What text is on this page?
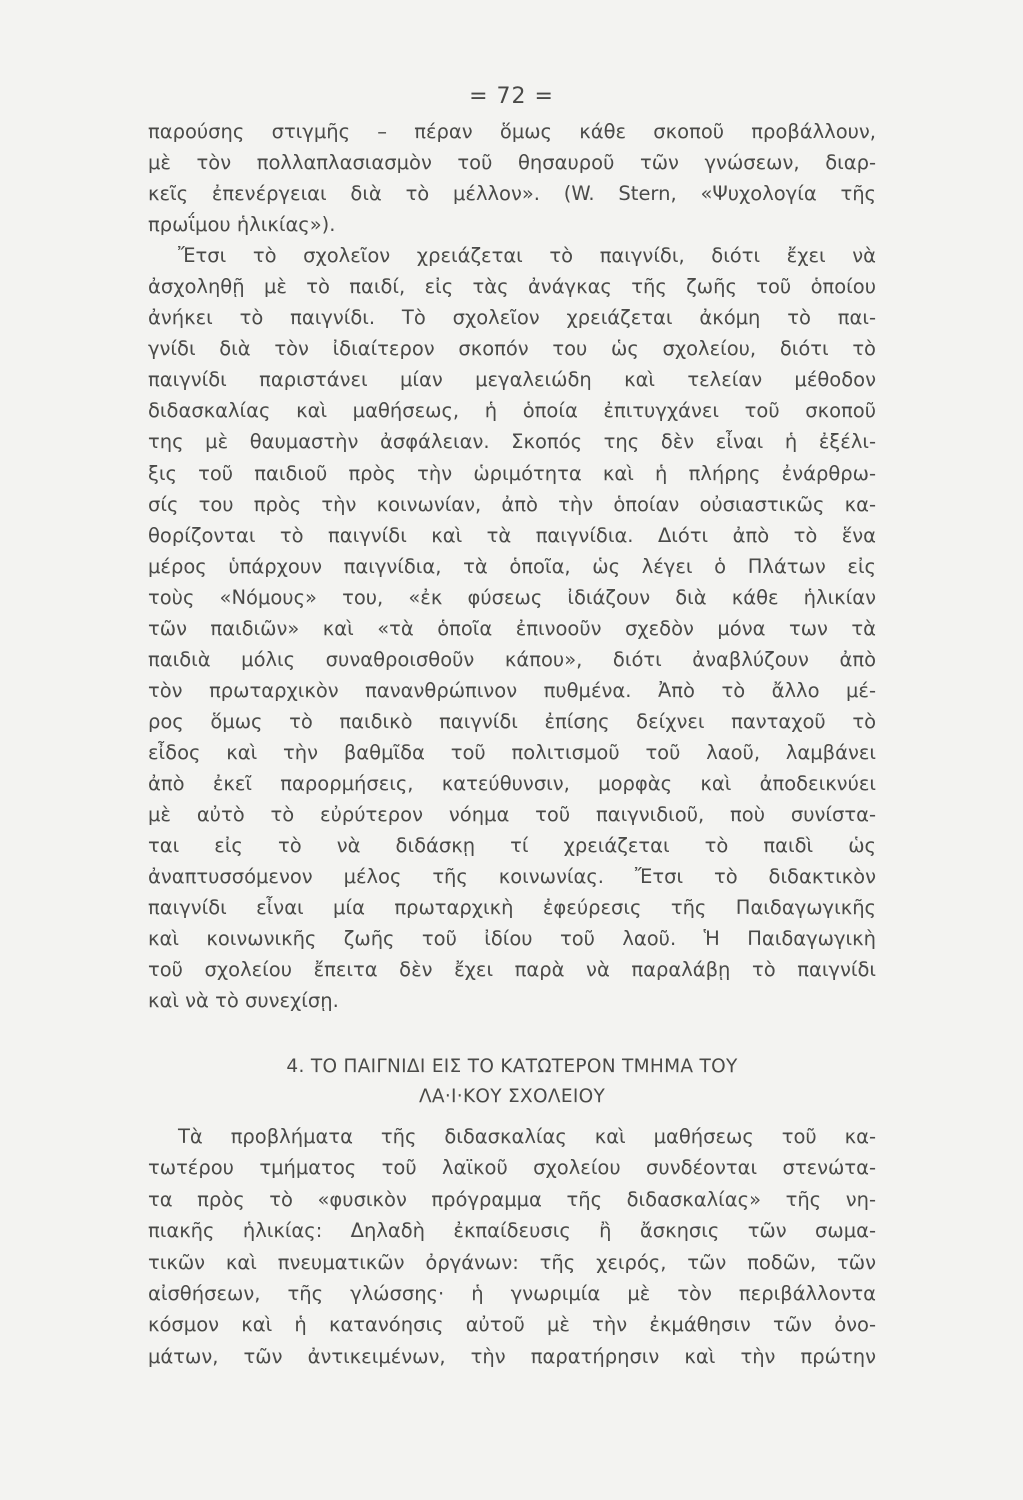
= 72 =
παρούσης στιγμῆς – πέραν ὅμως κάθε σκοποῦ προβάλλουν,
μὲ τὸν πολλαπλασιασμὸν τοῦ θησαυροῦ τῶν γνώσεων, διαρ-
κεῖς ἐπενέργειαι διὰ τὸ μέλλον». (W. Stern, «Ψυχολογία τῆς
πρωΐμου ἡλικίας»).
Ἔτσι τὸ σχολεῖον χρειάζεται τὸ παιγνίδι, διότι ἔχει νὰ
ἀσχοληθῇ μὲ τὸ παιδί, εἰς τὰς ἀνάγκας τῆς ζωῆς τοῦ ὁποίου
ἀνήκει τὸ παιγνίδι. Τὸ σχολεῖον χρειάζεται ἀκόμη τὸ παι-
γνίδι διὰ τὸν ἰδιαίτερον σκοπόν του ὡς σχολείου, διότι τὸ
παιγνίδι παριστάνει μίαν μεγαλειώδη καὶ τελείαν μέθοδον
διδασκαλίας καὶ μαθήσεως, ἡ ὁποία ἐπιτυγχάνει τοῦ σκοποῦ
της μὲ θαυμαστὴν ἀσφάλειαν. Σκοπός της δὲν εἶναι ἡ ἐξέλι-
ξις τοῦ παιδιοῦ πρὸς τὴν ὡριμότητα καὶ ἡ πλήρης ἐνάρθρω-
σίς του πρὸς τὴν κοινωνίαν, ἀπὸ τὴν ὁποίαν οὐσιαστικῶς κα-
θορίζονται τὸ παιγνίδι καὶ τὰ παιγνίδια. Διότι ἀπὸ τὸ ἕνα
μέρος ὑπάρχουν παιγνίδια, τὰ ὁποῖα, ὡς λέγει ὁ Πλάτων εἰς
τοὺς «Νόμους» του, «ἐκ φύσεως ἰδιάζουν διὰ κάθε ἡλικίαν
τῶν παιδιῶν» καὶ «τὰ ὁποῖα ἐπινοοῦν σχεδὸν μόνα των τὰ
παιδιὰ μόλις συναθροισθοῦν κάπου», διότι ἀναβλύζουν ἀπὸ
τὸν πρωταρχικὸν πανανθρώπινον πυθμένα. Ἀπὸ τὸ ἄλλο μέ-
ρος ὅμως τὸ παιδικὸ παιγνίδι ἐπίσης δείχνει πανταχοῦ τὸ
εἶδος καὶ τὴν βαθμῖδα τοῦ πολιτισμοῦ τοῦ λαοῦ, λαμβάνει
ἀπὸ ἐκεῖ παρορμήσεις, κατεύθυνσιν, μορφὰς καὶ ἀποδεικνύει
μὲ αὐτὸ τὸ εὐρύτερον νόημα τοῦ παιγνιδιοῦ, ποὺ συνίστα-
ται εἰς τὸ νὰ διδάσκῃ τί χρειάζεται τὸ παιδὶ ὡς
ἀναπτυσσόμενον μέλος τῆς κοινωνίας. Ἔτσι τὸ διδακτικὸν
παιγνίδι εἶναι μία πρωταρχικὴ ἐφεύρεσις τῆς Παιδαγωγικῆς
καὶ κοινωνικῆς ζωῆς τοῦ ἰδίου τοῦ λαοῦ. Ἡ Παιδαγωγικὴ
τοῦ σχολείου ἔπειτα δὲν ἔχει παρὰ νὰ παραλάβῃ τὸ παιγνίδι
καὶ νὰ τὸ συνεχίσῃ.
4. ΤΟ ΠΑΙΓΝΙΔΙ ΕΙΣ ΤΟ ΚΑΤΩΤΕΡΟΝ ΤΜΗΜΑ ΤΟΥ
ΛΑ·Ι·ΚΟΥ ΣΧΟΛΕΙΟΥ
Τὰ προβλήματα τῆς διδασκαλίας καὶ μαθήσεως τοῦ κα-
τωτέρου τμήματος τοῦ λαϊκοῦ σχολείου συνδέονται στενώτα-
τα πρὸς τὸ «φυσικὸν πρόγραμμα τῆς διδασκαλίας» τῆς νη-
πιακῆς ἡλικίας: Δηλαδὴ ἐκπαίδευσις ἢ ἄσκησις τῶν σωμα-
τικῶν καὶ πνευματικῶν ὀργάνων: τῆς χειρός, τῶν ποδῶν, τῶν
αἰσθήσεων, τῆς γλώσσης· ἡ γνωριμία μὲ τὸν περιβάλλοντα
κόσμον καὶ ἡ κατανόησις αὐτοῦ μὲ τὴν ἐκμάθησιν τῶν ὀνο-
μάτων, τῶν ἀντικειμένων, τὴν παρατήρησιν καὶ τὴν πρώτην
